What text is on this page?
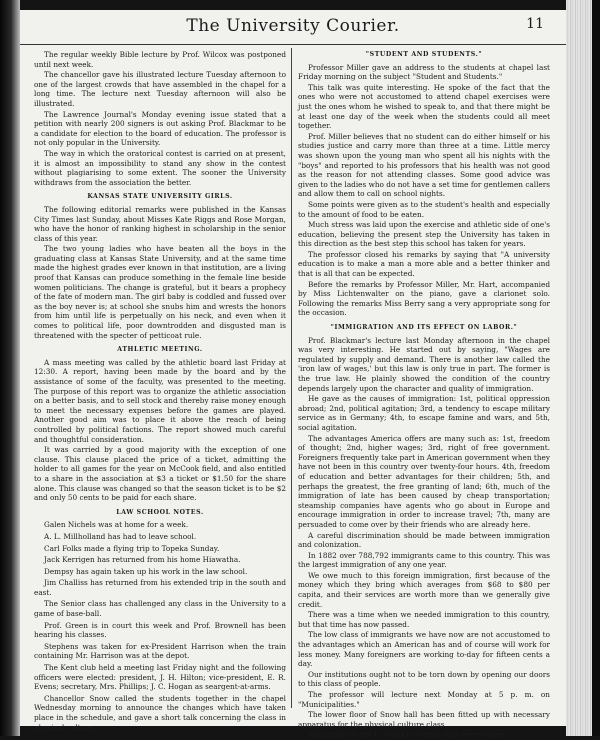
The University Courier.	11

The regular weekly Bible lecture by Prof. Wilcox was postponed until next week.

The chancellor gave his illustrated lecture Tuesday afternoon to one of the largest crowds that have assembled in the chapel for a long time. The lecture next Tuesday afternoon will also be illustrated.

The Lawrence Journal's Monday evening issue stated that a petition with nearly 200 signers is out asking Prof. Blackmar to be a candidate for election to the board of education. The professor is not only popular in the University.

The way in which the oratorical contest is carried on at present, it is almost an impossibility to stand any show in the contest without plagiarising to some extent. The sooner the University withdraws from the association the better.

KANSAS STATE UNIVERSITY GIRLS.

The following editorial remarks were published in the Kansas City Times last Sunday, about Misses Kate Riggs and Rose Morgan, who have the honor of ranking highest in scholarship in the senior class of this year.

The two young ladies who have beaten all the boys in the graduating class at Kansas State University, and at the same time made the highest grades ever known in that institution, are a living proof that Kansas can produce something in the female line beside women politicians. The change is grateful, but it bears a prophecy of the fate of modern man. The girl baby is coddled and fussed over as the boy never is; at school she snubs him and wrests the honors from him until life is perpetually on his neck, and even when it comes to political life, poor downtrodden and disgusted man is threatened with the specter of petticoat rule.

ATHLETIC MEETING.

A mass meeting was called by the athletic board last Friday at 12:30. A report, having been made by the board and by the assistance of some of the faculty, was presented to the meeting. The purpose of this report was to organize the athletic association on a better basis, and to sell stock and thereby raise money enough to meet the necessary expenses before the games are played. Another good aim was to place it above the reach of being controlled by political factions. The report showed much careful and thoughtful consideration.

It was carried by a good majority with the exception of one clause. This clause placed the price of a ticket, admitting the holder to all games for the year on McCook field, and also entitled to a share in the association at $3 a ticket or $1.50 for the share alone. This clause was changed so that the season ticket is to be $2 and only 50 cents to be paid for each share.

LAW SCHOOL NOTES.

Galen Nichels was at home for a week.

A. L. Millholland has had to leave school.

Carl Folks made a flying trip to Topeka Sunday.

Jack Kerrigen has returned from his home Hiawatha.

Dempsy has again taken up his work in the law school.

Jim Challiss has returned from his extended trip in the south and east.

The Senior class has challenged any class in the University to a game of base-ball.

Prof. Green is in court this week and Prof. Brownell has been hearing his classes.

Stephens was taken for ex-President Harrison when the train containing Mr. Harrison was at the depot.

The Kent club held a meeting last Friday night and the following officers were elected: president, J. H. Hilton; vice-president, E. R. Evens; secretary, Mrs. Phillips; J. C. Hogan as seargent-at-arms.

Chancellor Snow called the students together in the chapel Wednesday morning to announce the changes which have taken place in the schedule, and gave a short talk concerning the class in physical culture.

"STUDENT AND STUDENTS."

Professor Miller gave an address to the students at chapel last Friday morning on the subject "Student and Students."

This talk was quite interesting. He spoke of the fact that the ones who were not accustomed to attend chapel exercises were just the ones whom he wished to speak to, and that there might be at least one day of the week when the students could all meet together.

Prof. Miller believes that no student can do either himself or his studies justice and carry more than three at a time. Little mercy was shown upon the young man who spent all his nights with the "boys" and reported to his professors that his health was not good as the reason for not attending classes. Some good advice was given to the ladies who do not have a set time for gentlemen callers and allow them to call on school nights.

Some points were given as to the student's health and especially to the amount of food to be eaten.

Much stress was laid upon the exercise and athletic side of one's education, believing the present step the University has taken in this direction as the best step this school has taken for years.

The professor closed his remarks by saying that "A university education is to make a man a more able and a better thinker and that is all that can be expected.

Before the remarks by Professor Miller, Mr. Hart, accompanied by Miss Lichtenwalter on the piano, gave a clarionet solo. Following the remarks Miss Berry sang a very appropriate song for the occasion.

"IMMIGRATION AND ITS EFFECT ON LABOR."

Prof. Blackmar's lecture last Monday afternoon in the chapel was very interesting. He started out by saying, "Wages are regulated by supply and demand. There is another law called the 'iron law of wages,' but this law is only true in part. The former is the true law. He plainly showed the condition of the country depends largely upon the character and quality of immigration.

He gave as the causes of immigration: 1st, political oppression abroad; 2nd, political agitation; 3rd, a tendency to escape military service as in Germany; 4th, to escape famine and wars, and 5th, social agitation.

The advantages America offers are many such as: 1st, freedom of thought; 2nd, higher wages; 3rd, right of free government. Foreigners frequently take part in American government when they have not been in this country over twenty-four hours. 4th, freedom of education and better advantages for their children; 5th, and perhaps the greatest, the free granting of land; 6th, much of the immigration of late has been caused by cheap transportation; steamship companies have agents who go about in Europe and encourage immigration in order to increase travel; 7th, many are persuaded to come over by their friends who are already here.

A careful discrimination should be made between immigration and colonization.

In 1882 over 788,792 immigrants came to this country. This was the largest immigration of any one year.

We owe much to this foreign immigration, first because of the money which they bring which averages from $68 to $80 per capita, and their services are worth more than we generally give credit.

There was a time when we needed immigration to this country, but that time has now passed.

The low class of immigrants we have now are not accustomed to the advantages which an American has and of course will work for less money. Many foreigners are working to-day for fifteen cents a day.

Our institutions ought not to be torn down by opening our doors to this class of people.

The professor will lecture next Monday at 5 p. m. on "Municipalities."

The lower floor of Snow hall has been fitted up with necessary apparatus for the physical culture class.

Subscribe for the COURIER—better than ever before.
